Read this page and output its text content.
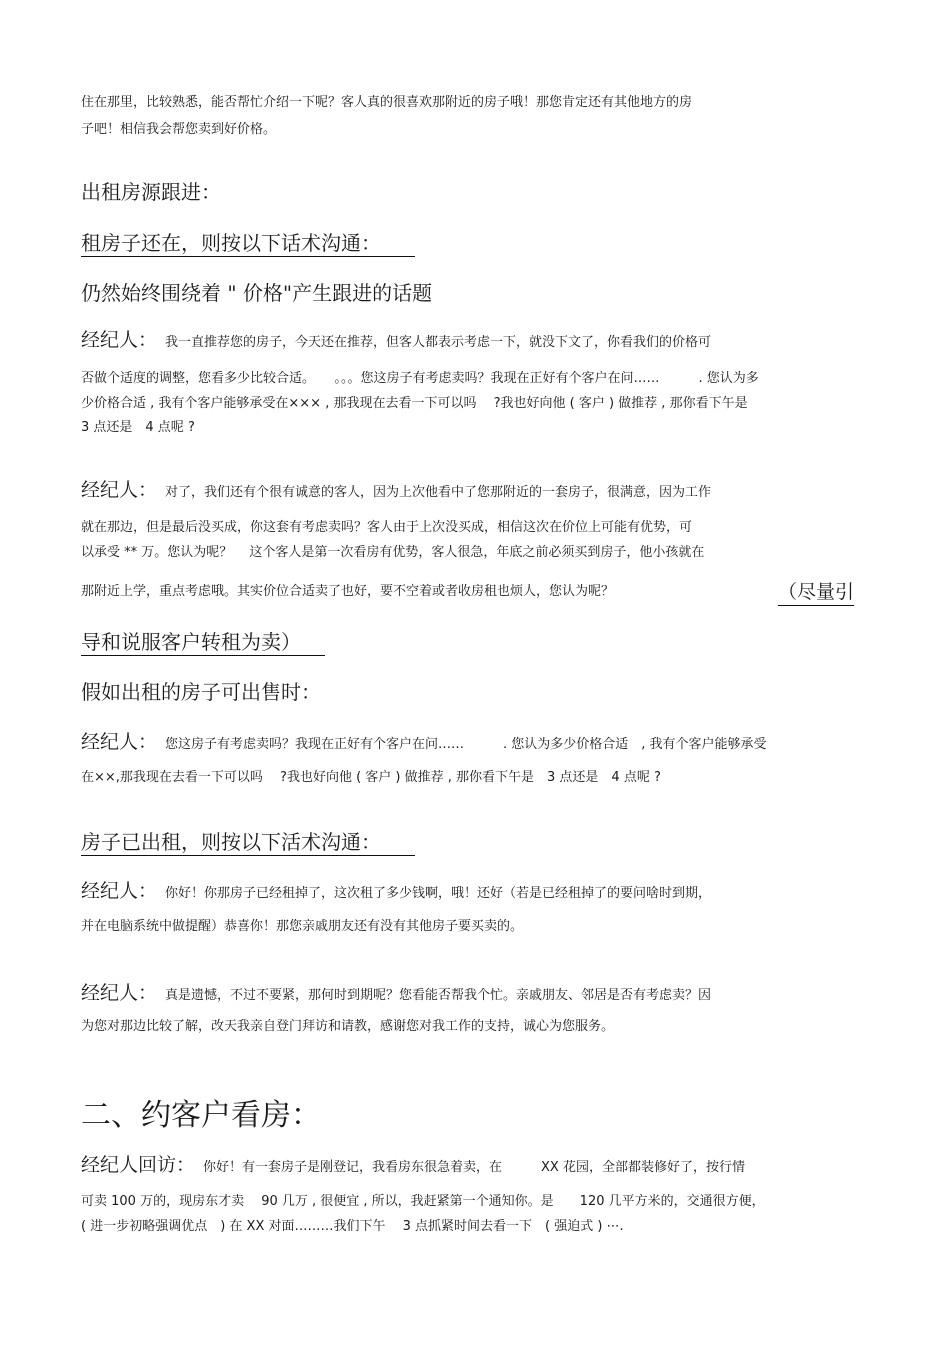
住在那里，比较熟悉，能否帮忙介绍一下呢？客人真的很喜欢那附近的房子哦！那您肯定还有其他地方的房
子吧！相信我会帮您卖到好价格。
出租房源跟进：
租房子还在，则按以下话术沟通：
仍然始终围绕着 " 价格"产生跟进的话题
经纪人： 我一直推荐您的房子，今天还在推荐，但客人都表示考虑一下，就没下文了，你看我们的价格可
否做个适度的调整，您看多少比较合适。　　。。。您这房子有考虑卖吗？我现在正好有个客户在问……　　　. 您认为多
少价格合适 , 我有个客户能够承受在××× , 那我现在去看一下可以吗　 ?我也好向他 ( 客户 ) 做推荐 , 那你看下午是
3 点还是　4 点呢 ?
经纪人： 对了，我们还有个很有诚意的客人，因为上次他看中了您那附近的一套房子，很满意，因为工作
就在那边，但是最后没买成，你这套有考虑卖吗？客人由于上次没买成，相信这次在价位上可能有优势，可
以承受 ** 万。您认为呢？　 这个客人是第一次看房有优势，客人很急，年底之前必须买到房子，他小孩就在
那附近上学，重点考虑哦。其实价位合适卖了也好，要不空着或者收房租也烦人，您认为呢？	（尽量引
导和说服客户转租为卖）
假如出租的房子可出售时：
经纪人： 您这房子有考虑卖吗？我现在正好有个客户在问……　　　. 您认为多少价格合适　, 我有个客户能够承受
在××,那我现在去看一下可以吗　 ?我也好向他 ( 客户 ) 做推荐 , 那你看下午是　3 点还是　4 点呢 ?
房子已出租，则按以下活术沟通：
经纪人： 你好！你那房子已经租掉了，这次租了多少钱啊，哦！还好（若是已经租掉了的要问啥时到期，
并在电脑系统中做提醒）恭喜你！那您亲戚朋友还有没有其他房子要买卖的。
经纪人： 真是遗憾，不过不要紧，那何时到期呢？您看能否帮我个忙。亲戚朋友、邻居是否有考虑卖？因
为您对那边比较了解，改天我亲自登门拜访和请教，感谢您对我工作的支持，诚心为您服务。
二、约客户看房：
经纪人回访： 你好！有一套房子是刚登记，我看房东很急着卖，在　　　XX 花园，全部都装修好了，按行情
可卖 100 万的，现房东才卖　 90 几万 , 很便宜 , 所以，我赶紧第一个通知你。是　　120 几平方米的，交通很方便，
( 进一步初略强调优点　) 在 XX 对面………我们下午　 3 点抓紧时间去看一下　( 强迫式 ) ⋯.
